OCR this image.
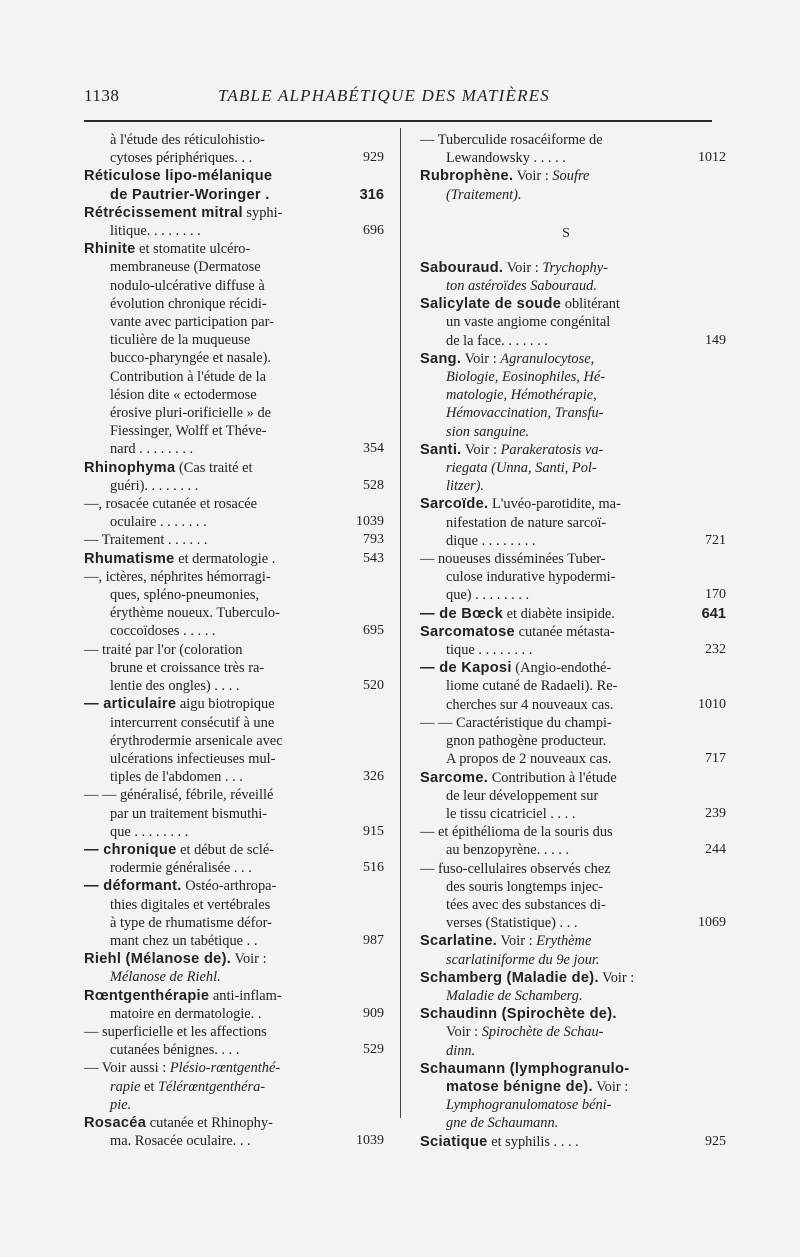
1138	TABLE ALPHABÉTIQUE DES MATIÈRES

à l'étude des réticulohistio-

cytoses périphériques. . .	929

Réticulose lipo-mélanique

de Pautrier-Woringer .	316

Rétrécissement mitral syphi-

litique. . . . . . . .	696

Rhinite et stomatite ulcéro-

membraneuse (Dermatose

nodulo-ulcérative diffuse à

évolution chronique récidi-

vante avec participation par-

ticulière de la muqueuse

bucco-pharyngée et nasale).

Contribution à l'étude de la

lésion dite « ectodermose

érosive pluri-orificielle » de

Fiessinger, Wolff et Théve-

nard . . . . . . . .	354

Rhinophyma (Cas traité et

guéri). . . . . . . .	528

—, rosacée cutanée et rosacée

oculaire . . . . . . .	1039

— Traitement . . . . . .	793

Rhumatisme et dermatologie .	543

—, ictères, néphrites hémorragi-

ques, spléno-pneumonies,

érythème noueux. Tuberculo-

coccoïdoses . . . . .	695

— traité par l'or (coloration

brune et croissance très ra-

lentie des ongles) . . . .	520

— articulaire aigu biotropique

intercurrent consécutif à une

érythrodermie arsenicale avec

ulcérations infectieuses mul-

tiples de l'abdomen . . .	326

— — généralisé, fébrile, réveillé

par un traitement bismuthi-

que . . . . . . . .	915

— chronique et début de sclé-

rodermie généralisée . . .	516

— déformant. Ostéo-arthropa-

thies digitales et vertébrales

à type de rhumatisme défor-

mant chez un tabétique . .	987

Riehl (Mélanose de). Voir :

Mélanose de Riehl.

Rœntgenthérapie anti-inflam-

matoire en dermatologie. .	909

— superficielle et les affections

cutanées bénignes. . . .	529

— Voir aussi : Plésio-rœntgenthé-

rapie et Télérœntgenthéra-

pie.

Rosacéa cutanée et Rhinophy-

ma. Rosacée oculaire. . .	1039

— Tuberculide rosacéiforme de

Lewandowsky . . . . .	1012

Rubrophène. Voir : Soufre

(Traitement).

S

Sabouraud. Voir : Trychophy-

ton astéroïdes Sabouraud.

Salicylate de soude oblitérant

un vaste angiome congénital

de la face. . . . . . .	149

Sang. Voir : Agranulocytose,

Biologie, Eosinophiles, Hé-

matologie, Hémothérapie,

Hémovaccination, Transfu-

sion sanguine.

Santi. Voir : Parakeratosis va-

riegata (Unna, Santi, Pol-

litzer).

Sarcoïde. L'uvéo-parotidite, ma-

nifestation de nature sarcoï-

dique . . . . . . . .	721

— noueuses disséminées Tuber-

culose indurative hypodermi-

que) . . . . . . . .	170

— de Bœck et diabète insipide.	641

Sarcomatose cutanée métasta-

tique . . . . . . . .	232

— de Kaposi (Angio-endothé-

liome cutané de Radaeli). Re-

cherches sur 4 nouveaux cas.	1010

— — Caractéristique du champi-

gnon pathogène producteur.

A propos de 2 nouveaux cas.	717

Sarcome. Contribution à l'étude

de leur développement sur

le tissu cicatriciel . . . .	239

— et épithélioma de la souris dus

au benzopyrène. . . . .	244

— fuso-cellulaires observés chez

des souris longtemps injec-

tées avec des substances di-

verses (Statistique) . . .	1069

Scarlatine. Voir : Erythème

scarlatiniforme du 9e jour.

Schamberg (Maladie de). Voir :

Maladie de Schamberg.

Schaudinn (Spirochète de).

Voir : Spirochète de Schau-

dinn.

Schaumann (lymphogranulo-

matose bénigne de). Voir :

Lymphogranulomatose béni-

gne de Schaumann.

Sciatique et syphilis . . . .	925
